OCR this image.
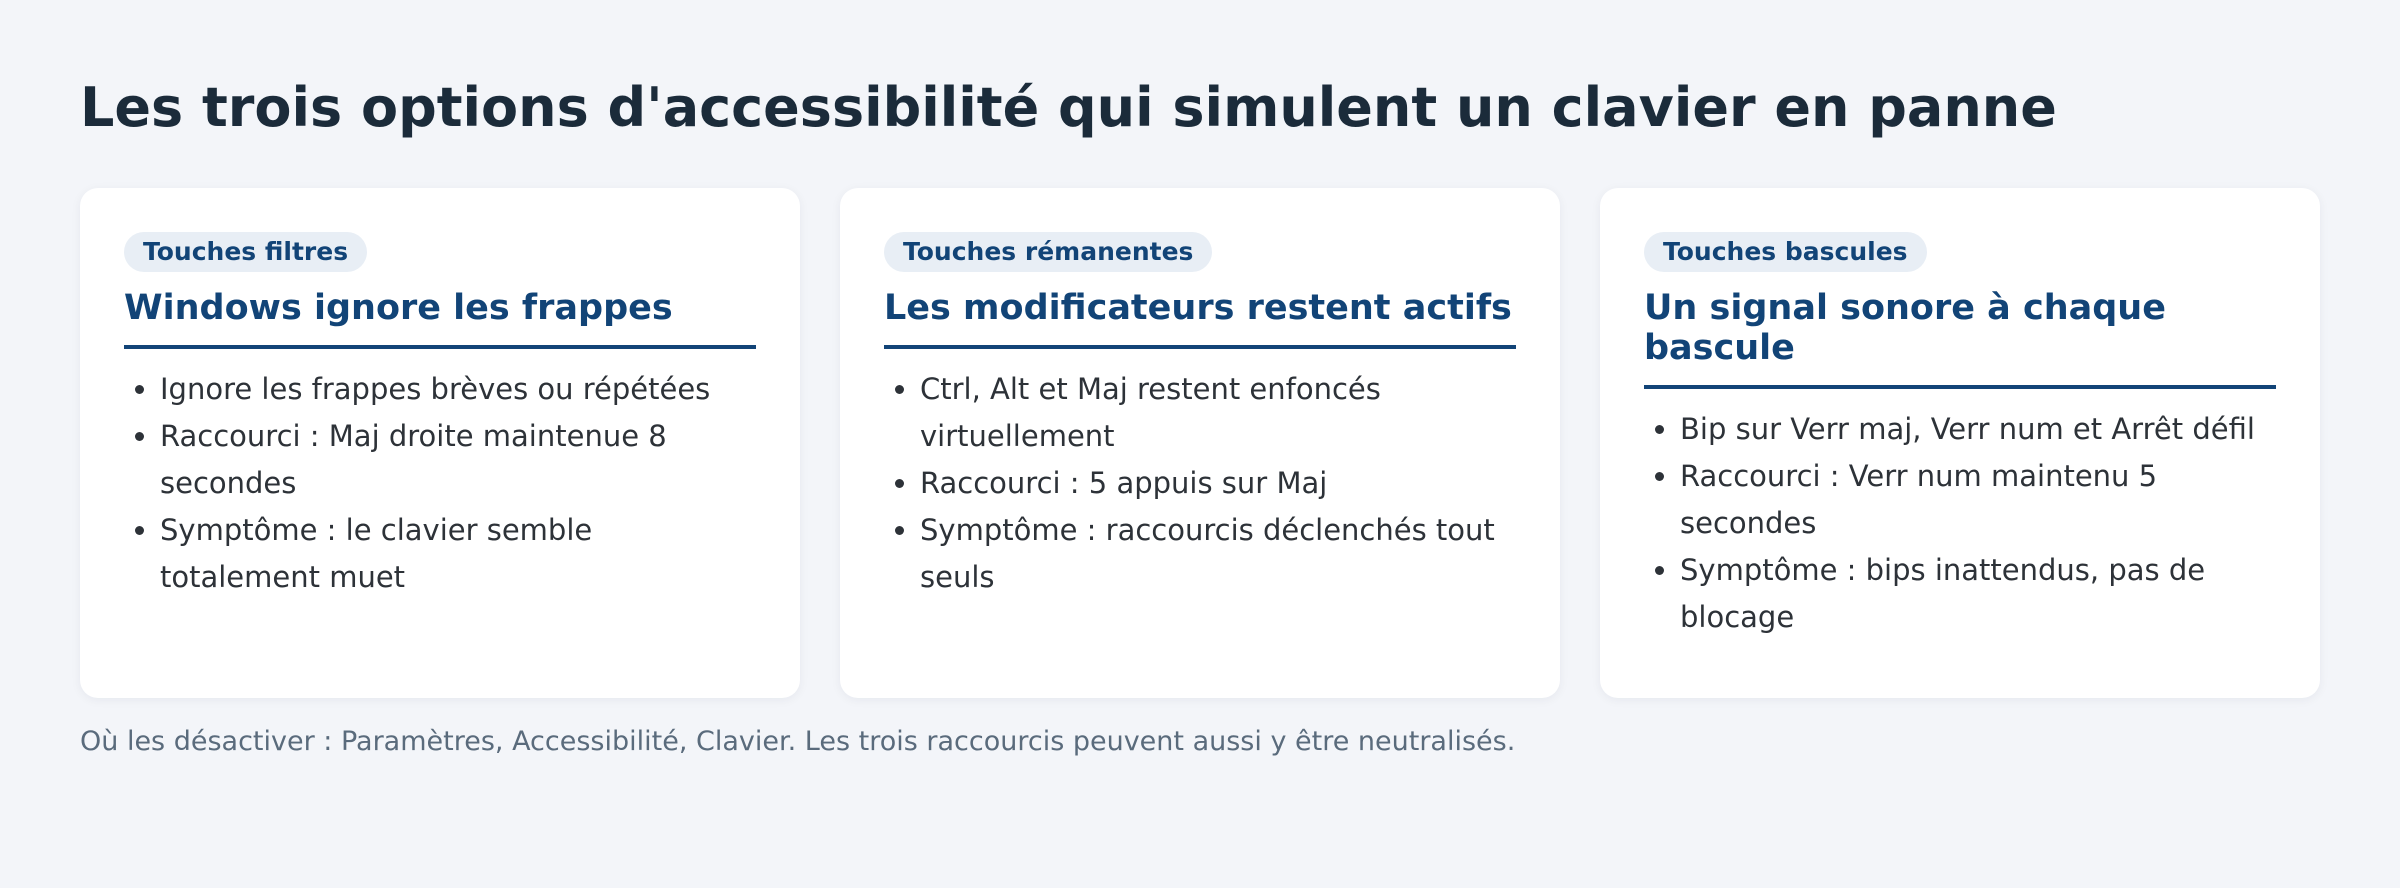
Les trois options d'accessibilité qui simulent un clavier en panne
Touches filtres
Windows ignore les frappes
• Ignore les frappes brèves ou répétées
• Raccourci : Maj droite maintenue 8 secondes
• Symptôme : le clavier semble totalement muet
Touches rémanentes
Les modificateurs restent actifs
• Ctrl, Alt et Maj restent enfoncés virtuellement
• Raccourci : 5 appuis sur Maj
• Symptôme : raccourcis déclenchés tout seuls
Touches bascules
Un signal sonore à chaque bascule
• Bip sur Verr maj, Verr num et Arrêt défil
• Raccourci : Verr num maintenu 5 secondes
• Symptôme : bips inattendus, pas de blocage

Où les désactiver : Paramètres, Accessibilité, Clavier. Les trois raccourcis peuvent aussi y être neutralisés.
